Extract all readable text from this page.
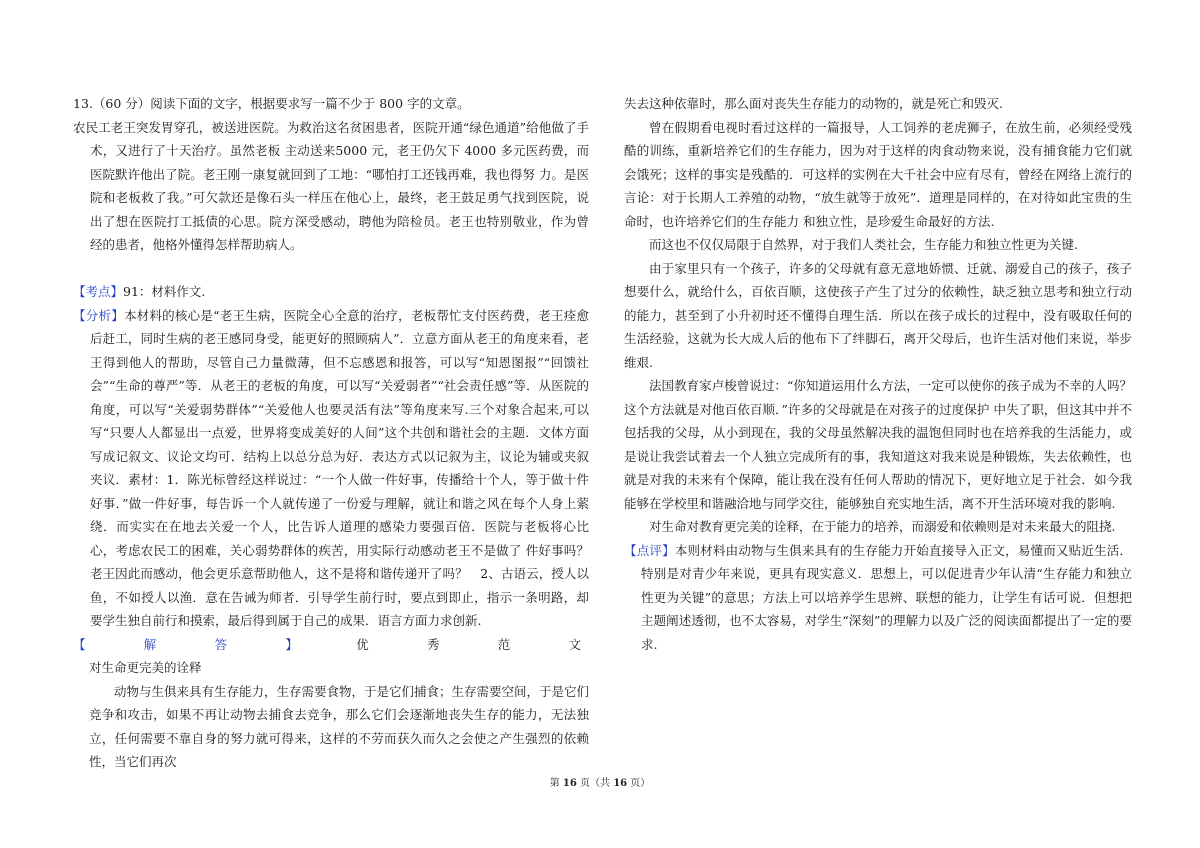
13.（60 分）阅读下面的文字，根据要求写一篇不少于 800 字的文章。

农民工老王突发胃穿孔，被送进医院。为救治这名贫困患者，医院开通“绿色通道”给他做了手术，又进行了十天治疗。虽然老板 主动送来5000 元，老王仍欠下 4000 多元医药费，而医院默许他出了院。老王刚一康复就回到了工地：“哪怕打工还钱再难，我也得努 力。是医院和老板救了我。”可欠款还是像石头一样压在他心上，最终，老王鼓足勇气找到医院，说出了想在医院打工抵债的心思。院方深受感动，聘他为陪检员。老王也特别敬业，作为曾经的患者，他格外懂得怎样帮助病人。

【考点】91：材料作文.

【分析】本材料的核心是“老王生病，医院全心全意的治疗，老板帮忙支付医药费，老王痊愈后赶工，同时生病的老王感同身受，能更好的照顾病人”．立意方面从老王的角度来看，老王得到他人的帮助，尽管自己力量微薄，但不忘感恩和报答，可以写“知恩图报”“回馈社会”“生命的尊严”等．从老王的老板的角度，可以写“关爱弱者”“社会责任感”等．从医院的角度，可以写“关爱弱势群体”“关爱他人也要灵活有法”等角度来写.三个对象合起来,可以写“只要人人都显出一点爱，世界将变成美好的人间”这个共创和谐社会的主题．文体方面写成记叙文、议论文均可．结构上以总分总为好．表达方式以记叙为主，议论为辅或夹叙夹议．素材：1．陈光标曾经这样说过：“一个人做一件好事，传播给十个人，等于做十件好事．”做一件好事，每告诉一个人就传递了一份爱与理解，就让和谐之风在每个人身上萦 绕．而实实在在地去关爱一个人，比告诉人道理的感染力要强百倍．医院与老板将心比心，考虑农民工的困难，关心弱势群体的疾苦，用实际行动感动老王不是做了 件好事吗？老王因此而感动，他会更乐意帮助他人，这不是将和谐传递开了吗？　2、古语云，授人以鱼，不如授人以渔．意在告诫为师者．引导学生前行时，要点到即止，指示一条明路，却要学生独自前行和摸索，最后得到属于自己的成果．语言方面力求创新.

【	解	答	】	优	秀	范	文

对生命更完美的诠释

动物与生俱来具有生存能力，生存需要食物，于是它们捕食；生存需要空间，于是它们竞争和攻击，如果不再让动物去捕食去竞争，那么它们会逐渐地丧失生存的能力，无法独立，任何需要不靠自身的努力就可得来，这样的不劳而获久而久之会使之产生强烈的依赖性，当它们再次

失去这种依靠时，那么面对丧失生存能力的动物的，就是死亡和毁灭.

曾在假期看电视时看过这样的一篇报导，人工饲养的老虎狮子，在放生前，必须经受残酷的训练，重新培养它们的生存能力，因为对于这样的肉食动物来说，没有捕食能力它们就会饿死；这样的事实是残酷的．可这样的实例在大千社会中应有尽有，曾经在网络上流行的言论：对于长期人工养殖的动物，“放生就等于放死”．道理是同样的，在对待如此宝贵的生命时，也许培养它们的生存能力 和独立性，是珍爱生命最好的方法.

而这也不仅仅局限于自然界，对于我们人类社会，生存能力和独立性更为关键.

由于家里只有一个孩子，许多的父母就有意无意地娇惯、迁就、溺爱自己的孩子，孩子想要什么，就给什么，百依百顺，这使孩子产生了过分的依赖性，缺乏独立思考和独立行动的能力，甚至到了小升初时还不懂得自理生活．所以在孩子成长的过程中，没有吸取任何的生活经验，这就为长大成人后的他布下了绊脚石，离开父母后，也许生活对他们来说，举步维艰.

法国教育家卢梭曾说过：“你知道运用什么方法，一定可以使你的孩子成为不幸的人吗？这个方法就是对他百依百顺．”许多的父母就是在对孩子的过度保护 中失了职，但这其中并不包括我的父母，从小到现在，我的父母虽然解决我的温饱但同时也在培养我的生活能力，或是说让我尝试着去一个人独立完成所有的事，我知道这对我来说是种锻炼，失去依赖性，也就是对我的未来有个保障，能让我在没有任何人帮助的情况下，更好地立足于社会．如今我能够在学校里和谐融洽地与同学交往，能够独自充实地生活，离不开生活环境对我的影响.

对生命对教育更完美的诠释，在于能力的培养，而溺爱和依赖则是对未来最大的阻挠.

【点评】本则材料由动物与生俱来具有的生存能力开始直接导入正文，易懂而又贴近生活．特别是对青少年来说，更具有现实意义．思想上，可以促进青少年认清“生存能力和独立性更为关键”的意思；方法上可以培养学生思辨、联想的能力，让学生有话可说．但想把主题阐述透彻，也不太容易，对学生“深刻”的理解力以及广泛的阅读面都提出了一定的要求.

第 16 页（共 16 页）
